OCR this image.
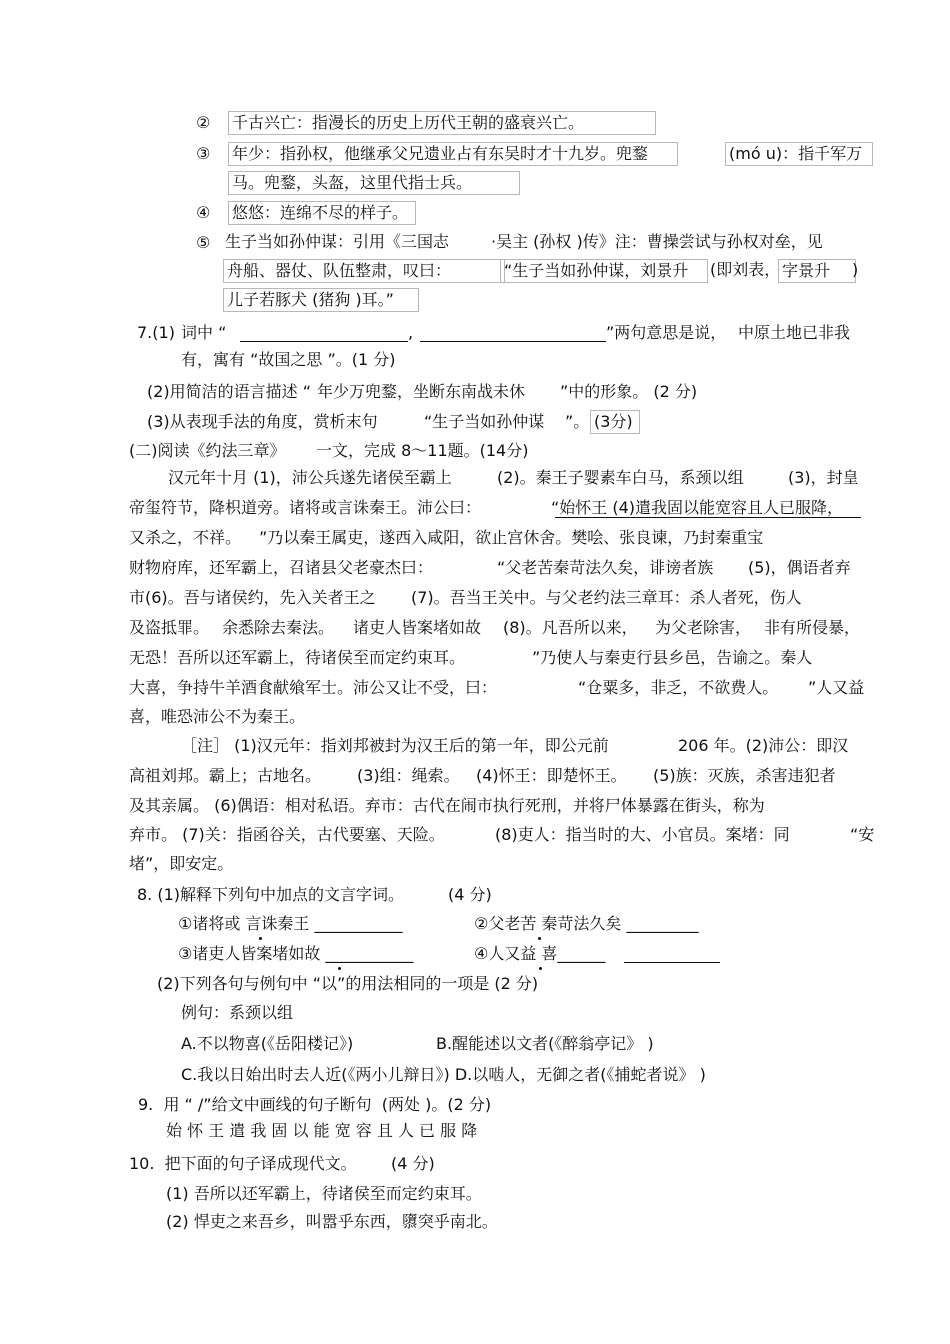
② 千古兴亡：指漫长的历史上历代王朝的盛衰兴亡。
③ 年少：指孙权，他继承父兄遗业占有东吴时才十九岁。兜鍪	(mó u)：指千军万
马。兜鍪，头盔，这里代指士兵。
④ 悠悠：连绵不尽的样子。
⑤ 生子当如孙仲谋：引用《三国志	·吴主 (孙权 )传》注：曹操尝试与孙权对垒，见
舟船、器仗、队伍整肃，叹曰：	“生子当如孙仲谋，刘景升	(即刘表， 字景升	)
儿子若豚犬 (猪狗 )耳。”
7.(1) 词中 “	,	”两句意思是说， 中原土地已非我
有，寓有 “故国之思 ”。(1 分)
(2)用简洁的语言描述 “ 年少万兜鍪，坐断东南战未休 ”中的形象。 (2 分)
(3)从表现手法的角度，赏析末句	“生子当如孙仲谋 ”。 (3分)
(二)阅读《约法三章》 一文，完成 8～11题。(14分)
汉元年十月 (1)，沛公兵遂先诸侯至霸上	(2)。秦王子婴素车白马，系颈以组	(3)，封皇
帝玺符节，降枳道旁。诸将或言诛秦王。沛公曰：	“始怀王 (4)遣我固以能宽容且人已服降，
又杀之，不祥。 ”乃以秦王属吏，遂西入咸阳，欲止宫休舍。樊哙、张良谏，乃封秦重宝
财物府库，还军霸上，召诸县父老豪杰曰：	“父老苦秦苛法久矣，诽谤者族 (5)，偶语者弃
市(6)。吾与诸侯约，先入关者王之 (7)。吾当王关中。与父老约法三章耳：杀人者死，伤人
及盗抵罪。 余悉除去秦法。 诸吏人皆案堵如故 (8)。凡吾所以来， 为父老除害， 非有所侵暴，
无恐！吾所以还军霸上，待诸侯至而定约束耳。	”乃使人与秦吏行县乡邑，告谕之。秦人
大喜，争持牛羊酒食献飨军士。沛公又让不受，曰：	“仓粟多，非乏，不欲费人。 ”人又益
喜，唯恐沛公不为秦王。
［注］ (1)汉元年：指刘邦被封为汉王后的第一年，即公元前	206 年。(2)沛公：即汉
高祖刘邦。霸上；古地名。 (3)组：绳索。 (4)怀王：即楚怀王。 (5)族：灭族，杀害违犯者
及其亲属。 (6)偶语：相对私语。弃市：古代在闹市执行死刑，并将尸体暴露在街头，称为
弃市。 (7)关：指函谷关，古代要塞、天险。	(8)吏人：指当时的大、小官员。案堵：同	“安
堵”，即安定。
8. (1)解释下列句中加点的文言字词。	(4 分)
①诸将或 言诛秦王 ___________	②父老苦 秦苛法久矣 _________
③诸吏人皆案堵如故 ___________	④人又益 喜______
(2)下列各句与例句中 “以”的用法相同的一项是 (2 分)
例句：系颈以组
A.不以物喜(《岳阳楼记》)	B.醒能述以文者(《醉翁亭记》 )
C.我以日始出时去人近(《两小儿辩日》) D.以啮人，无御之者(《捕蛇者说》 )
9.  用 “ /”给文中画线的句子断句  (两处 )。(2 分)
始 怀 王 遣 我 固 以 能 宽 容 且 人 已 服 降
10.  把下面的句子译成现代文。 (4 分)
(1) 吾所以还军霸上，待诸侯至而定约束耳。
(2) 悍吏之来吾乡，叫嚣乎东西，隳突乎南北。
